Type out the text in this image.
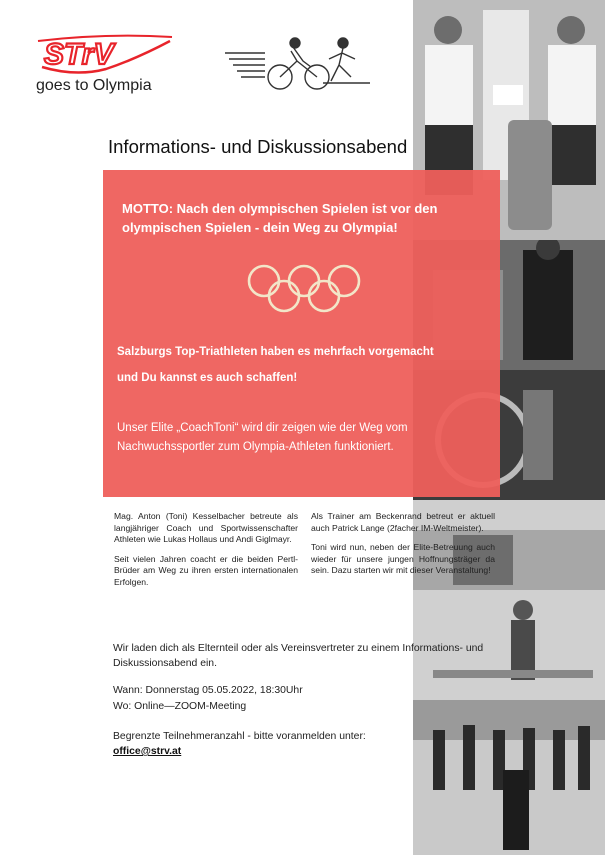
STrV
goes to Olympia
Informations- und Diskussionsabend
MOTTO: Nach den olympischen Spielen ist vor den olympischen Spielen - dein Weg zu Olympia!
Salzburgs Top-Triathleten haben es mehrfach vorgemacht
und Du kannst es auch schaffen!
Unser Elite „CoachToni“ wird dir zeigen wie der Weg vom Nachwuchssportler zum Olympia-Athleten funktioniert.

Mag. Anton (Toni) Kesselbacher betreute als langjähriger Coach und Sportwissenschafter Athleten wie Lukas Hollaus und Andi Giglmayr.

Seit vielen Jahren coacht er die beiden Pertl-Brüder am Weg zu ihren ersten internationalen Erfolgen.

Als Trainer am Beckenrand betreut er aktuell auch Patrick Lange (2facher IM-Weltmeister).

Toni wird nun, neben der Elite-Betreuung auch wieder für unsere jungen Hoffnungsträger da sein. Dazu starten wir mit dieser Veranstaltung!

Wir laden dich als Elternteil oder als Vereinsvertreter zu einem Informations- und Diskussionsabend ein.
Wann: Donnerstag 05.05.2022, 18:30Uhr
Wo: Online—ZOOM-Meeting
Begrenzte Teilnehmeranzahl - bitte voranmelden unter:
office@strv.at
